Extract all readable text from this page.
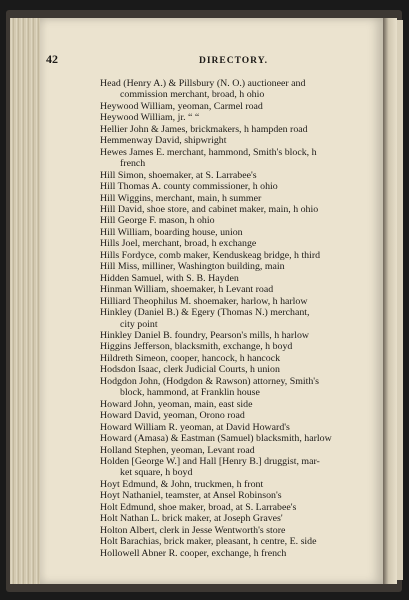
42	DIRECTORY.
Head (Henry A.) & Pillsbury (N. O.) auctioneer and
commission merchant, broad, h ohio
Heywood William, yeoman, Carmel road
Heywood William, jr. “ “
Hellier John & James, brickmakers, h hampden road
Hemmenway David, shipwright
Hewes James E. merchant, hammond, Smith's block, h
french
Hill Simon, shoemaker, at S. Larrabee's
Hill Thomas A. county commissioner, h ohio
Hill Wiggins, merchant, main, h summer
Hill David, shoe store, and cabinet maker, main, h ohio
Hill George F. mason, h ohio
Hill William, boarding house, union
Hills Joel, merchant, broad, h exchange
Hills Fordyce, comb maker, Kenduskeag bridge, h third
Hill Miss, milliner, Washington building, main
Hidden Samuel, with S. B. Hayden
Hinman William, shoemaker, h Levant road
Hilliard Theophilus M. shoemaker, harlow, h harlow
Hinkley (Daniel B.) & Egery (Thomas N.) merchant,
city point
Hinkley Daniel B. foundry, Pearson's mills, h harlow
Higgins Jefferson, blacksmith, exchange, h boyd
Hildreth Simeon, cooper, hancock, h hancock
Hodsdon Isaac, clerk Judicial Courts, h union
Hodgdon John, (Hodgdon & Rawson) attorney, Smith's
block, hammond, at Franklin house
Howard John, yeoman, main, east side
Howard David, yeoman, Orono road
Howard William R. yeoman, at David Howard's
Howard (Amasa) & Eastman (Samuel) blacksmith, harlow
Holland Stephen, yeoman, Levant road
Holden [George W.] and Hall [Henry B.] druggist, mar-
ket square, h boyd
Hoyt Edmund, & John, truckmen, h front
Hoyt Nathaniel, teamster, at Ansel Robinson's
Holt Edmund, shoe maker, broad, at S. Larrabee's
Holt Nathan L. brick maker, at Joseph Graves'
Holton Albert, clerk in Jesse Wentworth's store
Holt Barachias, brick maker, pleasant, h centre, E. side
Hollowell Abner R. cooper, exchange, h french
